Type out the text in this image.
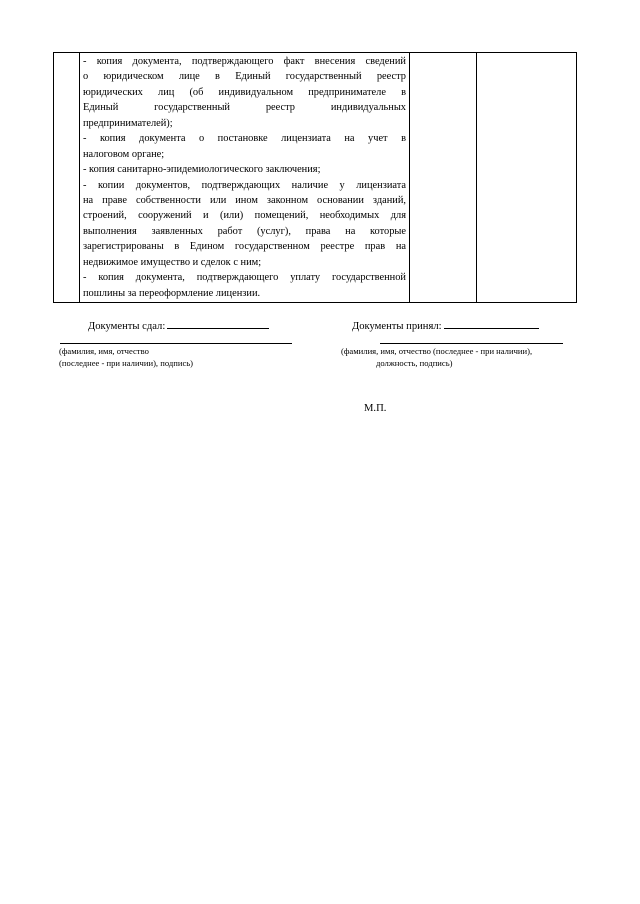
- копия документа, подтверждающего факт внесения сведений
о юридическом лице в Единый государственный реестр
юридических лиц (об индивидуальном предпринимателе в
Единый государственный реестр индивидуальных
предпринимателей);
- копия документа о постановке лицензиата на учет в
налоговом органе;
- копия санитарно-эпидемиологического заключения;
- копии документов, подтверждающих наличие у лицензиата
на праве собственности или ином законном основании зданий,
строений, сооружений и (или) помещений, необходимых для
выполнения заявленных работ (услуг), права на которые
зарегистрированы в Едином государственном реестре прав на
недвижимое имущество и сделок с ним;
- копия документа, подтверждающего уплату государственной
пошлины за переоформление лицензии.
Документы сдал:
(фамилия, имя, отчество
(последнее - при наличии), подпись)
Документы принял:
(фамилия, имя, отчество (последнее - при наличии),
должность, подпись)
М.П.
